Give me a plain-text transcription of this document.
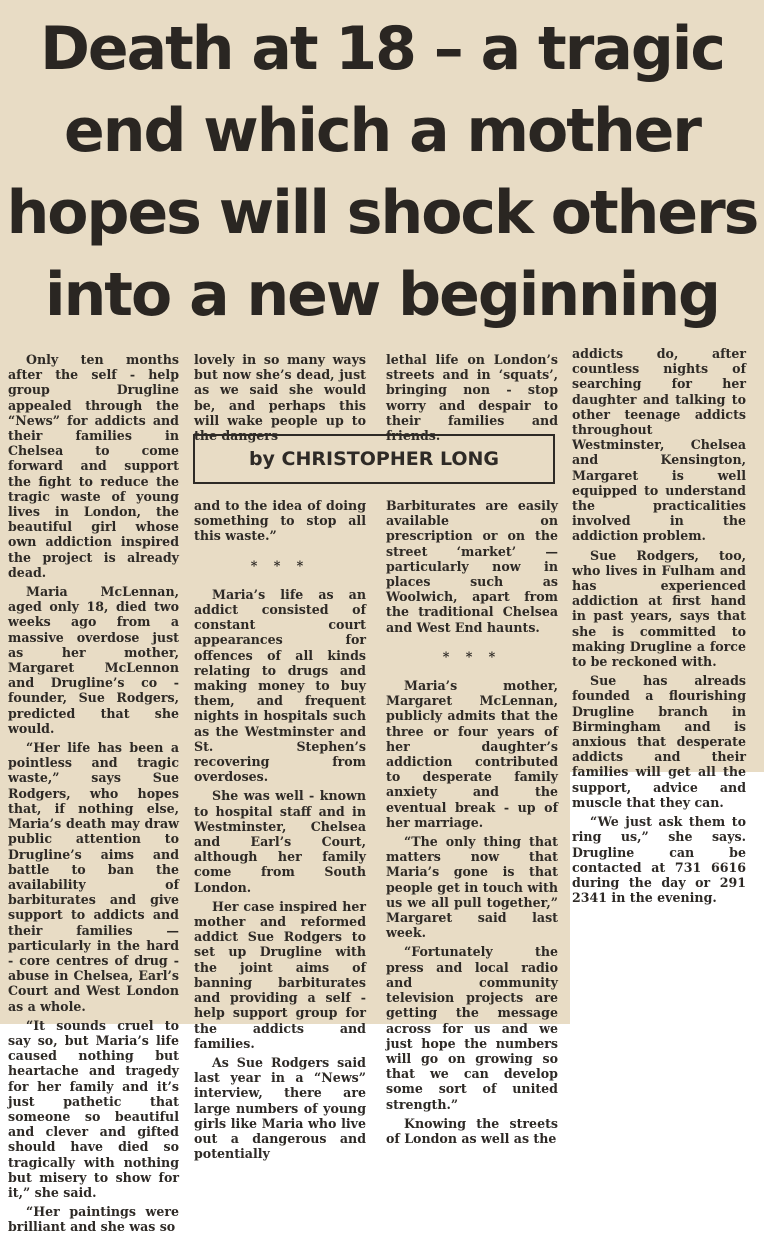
Death at 18 – a tragic end which a mother hopes will shock others into a new beginning

Only ten months after the self - help group Drugline appealed through the “News” for addicts and their families in Chelsea to come forward and support the fight to reduce the tragic waste of young lives in London, the beautiful girl whose own addiction inspired the project is already dead.

Maria McLennan, aged only 18, died two weeks ago from a massive overdose just as her mother, Margaret McLennon and Drugline’s co - founder, Sue Rodgers, predicted that she would.

“Her life has been a pointless and tragic waste,” says Sue Rodgers, who hopes that, if nothing else, Maria’s death may draw public attention to Drugline’s aims and battle to ban the availability of barbiturates and give support to addicts and their families — particularly in the hard - core centres of drug - abuse in Chelsea, Earl’s Court and West London as a whole.

“It sounds cruel to say so, but Maria’s life caused nothing but heartache and tragedy for her family and it’s just pathetic that someone so beautiful and clever and gifted should have died so tragically with nothing but misery to show for it,” she said.

“Her paintings were brilliant and she was so

lovely in so many ways but now she’s dead, just as we said she would be, and perhaps this will wake people up to the dangers

lethal life on London’s streets and in ‘squats’, bringing non - stop worry and despair to their families and friends.

by CHRISTOPHER LONG

and to the idea of doing something to stop all this waste.”

* * *

Maria’s life as an addict consisted of constant court appearances for offences of all kinds relating to drugs and making money to buy them, and frequent nights in hospitals such as the Westminster and St. Stephen’s recovering from overdoses.

She was well - known to hospital staff and in Westminster, Chelsea and Earl’s Court, although her family come from South London.

Her case inspired her mother and reformed addict Sue Rodgers to set up Drugline with the joint aims of banning barbiturates and providing a self - help support group for the addicts and families.

As Sue Rodgers said last year in a “News” interview, there are large numbers of young girls like Maria who live out a dangerous and potentially

Barbiturates are easily available on prescription or on the street ‘market’ — particularly now in places such as Woolwich, apart from the traditional Chelsea and West End haunts.

* * *

Maria’s mother, Margaret McLennan, publicly admits that the three or four years of her daughter’s addiction contributed to desperate family anxiety and the eventual break - up of her marriage.

“The only thing that matters now that Maria’s gone is that people get in touch with us we all pull together,” Margaret said last week.

“Fortunately the press and local radio and community television projects are getting the message across for us and we just hope the numbers will go on growing so that we can develop some sort of united strength.”

Knowing the streets of London as well as the

addicts do, after countless nights of searching for her daughter and talking to other teenage addicts throughout Westminster, Chelsea and Kensington, Margaret is well equipped to understand the practicalities involved in the addiction problem.

Sue Rodgers, too, who lives in Fulham and has experienced addiction at first hand in past years, says that she is committed to making Drugline a force to be reckoned with.

Sue has alreads founded a flourishing Drugline branch in Birmingham and is anxious that desperate addicts and their families will get all the support, advice and muscle that they can.

“We just ask them to ring us,” she says. Drugline can be contacted at 731 6616 during the day or 291 2341 in the evening.
